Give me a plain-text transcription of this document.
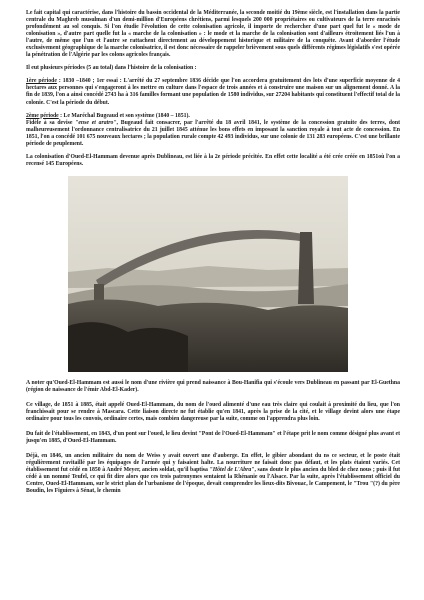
Le fait capital qui caractérise, dans l'histoire du bassin occidental de la Méditerranée, la seconde moitié du 19ème siècle, est l'installation dans la partie centrale du Maghreb musulman d'un demi-million d'Européens chrétiens, parmi lesquels 200 000 propriétaires ou cultivateurs de la terre enracinés profondément au sol conquis. Si l'on étudie l'évolution de cette colonisation agricole, il importe de rechercher d'une part quel fut le « mode de colonisation », d'autre part quelle fut la « marche de la colonisation » : le mode et la marche de la colonisation sont d'ailleurs étroitement liés l'un à l'autre, de même que l'un et l'autre se rattachent directement au développement historique et militaire de la conquête. Avant d'aborder l'étude exclusivement géographique de la marche colonisatrice, il est donc nécessaire de rappeler brièvement sous quels différents régimes législatifs s'est opérée la pénétration de l'Algérie par les colons agricoles français.

Il eut plusieurs périodes (5 au total) dans l'histoire de la colonisation :

1ère période : 1830 –1840 ; 1er essai : L'arrêté du 27 septembre 1836 décide que l'on accordera gratuitement des lots d'une superficie moyenne de 4 hectares aux personnes qui s'engageront à les mettre en culture dans l'espace de trois années et à construire une maison sur un alignement donné. A la fin de 1839, l'on a ainsi concédé 2743 ha à 316 familles formant une population de 1580 individus, sur 27204 habitants qui constituent l'effectif total de la colonie. C'est la période du début.

2ème période : Le Maréchal Bugeaud et son système (1840 – 1851).

Fidèle à sa devise "ense et aratro", Bugeaud fait consacrer, par l'arrêté du 18 avril 1841, le système de la concession gratuite des terres, dont malheureusement l'ordonnance centralisatrice du 21 juillet 1845 atténue les bons effets en imposant la sanction royale à tout acte de concession. En 1851, l'on a concédé 101 675 nouveaux hectares ; la population rurale compte 42 493 individus, sur une colonie de 131 283 européens. C'est une brillante période de peuplement.

La colonisation d'Oued-El-Hammam devenue après Dublineau, est liée à la 2e période précitée. En effet cette localité a été crée créée en 1851où l'on a recensé 145 Européens.

A noter qu'Oued-El-Hammam est aussi le nom d'une rivière qui prend naissance à Bou-Hanifia qui s'écoule vers Dublineau en passant par El-Guethna (région de naissance de l'émir Abd-El-Kader).

Ce village, de 1851 à 1885, était appelé Oued-El-Hammam, du nom de l'oued alimenté d'une eau très claire qui coulait à proximité du lieu, que l'on franchissait pour se rendre à Mascara. Cette liaison directe ne fut établie qu'en 1841, après la prise de la cité, et le village devint alors une étape ordinaire pour tous les convois, ordinaire certes, mais combien dangereuse par la suite, comme on l'apprendra plus loin.

Du fait de l'établissement, en 1843, d'un pont sur l'oued, le lieu devint "Pont de l'Oued-El-Hammam" et l'étape prit le nom comme désigné plus avant et jusqu'en 1885, d'Oued-El-Hammam.

Déjà, en 1846, un ancien militaire du nom de Weiss y avait ouvert une d'auberge. En effet, le gibier abondant du ns ce secteur, et le poste était régulièrement ravitaillé par les équipages de l'armée qui y faisaient halte. La nourriture ne faisait donc pas défaut, et les plats étaient variés. Cet établissement fut cédé en 1850 à André Meyer, ancien soldat, qu'il baptisa "Hôtel de L'Abra", sans doute le plus ancien du bled de chez nous ; puis il fut cédé à un nommé Teufel, ce qui fit dire alors que ces trois patronymes sentaient la Rhénanie ou l'Alsace. Par la suite, après l'établissement officiel du Centre, Oued-El-Hammam, sur le strict plan de l'urbanisme de l'époque, devait comprendre les lieux-dits Bivouac, le Campement, le "Trou "(?) du père Boudin, les Figuiers à Sénat, le chemin
